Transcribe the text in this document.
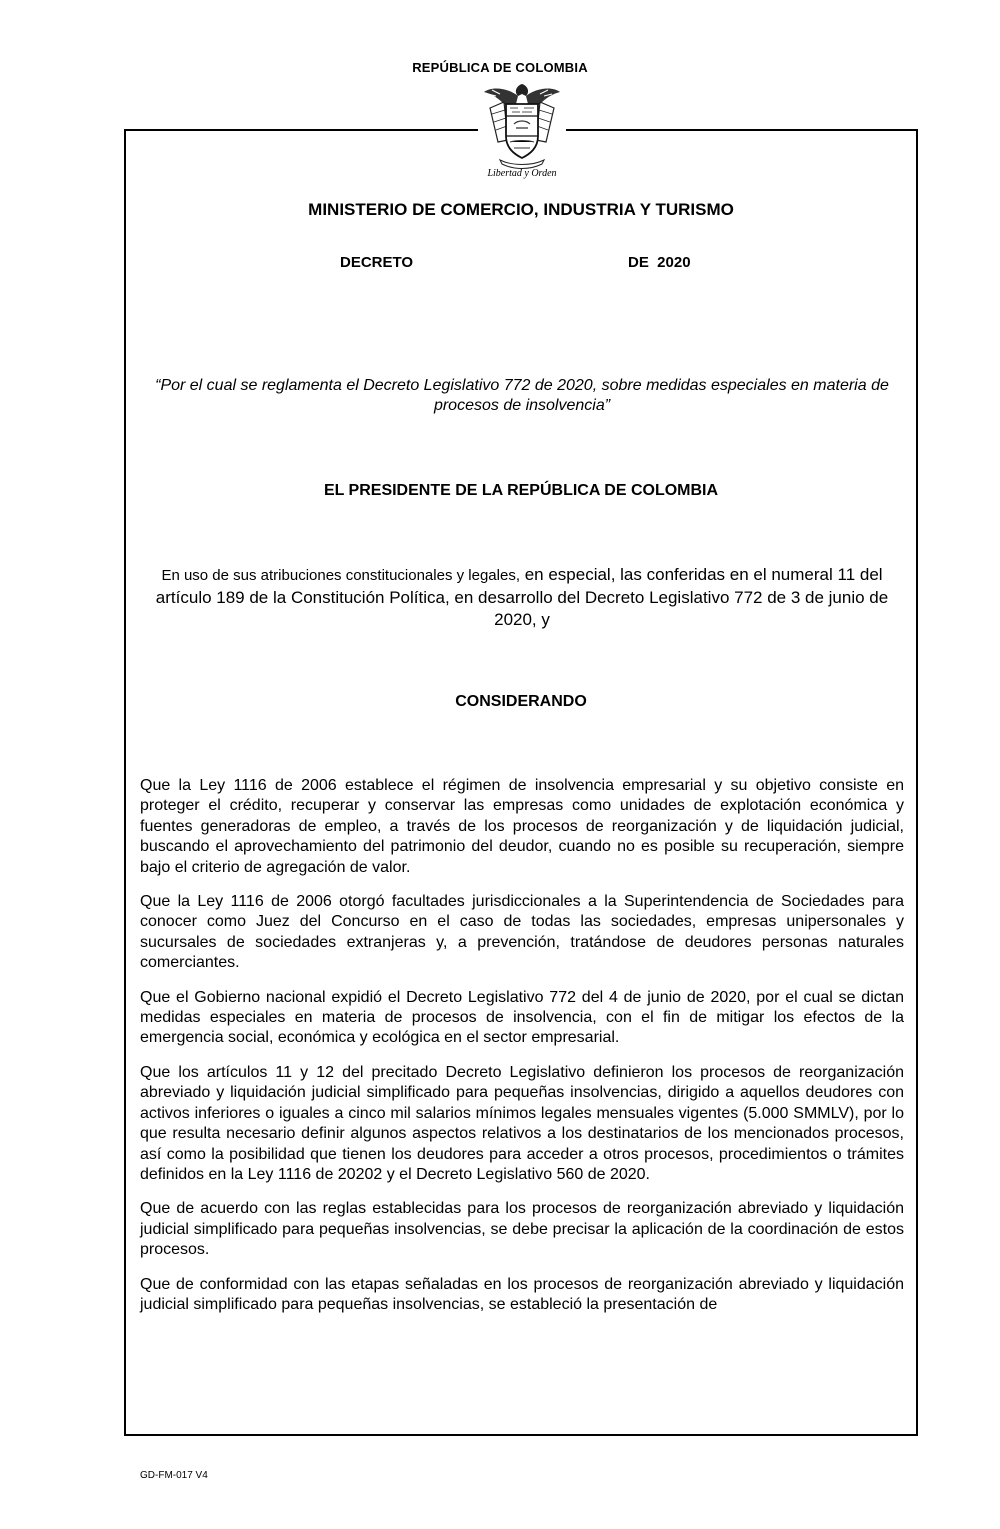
REPÚBLICA DE COLOMBIA
Libertad y Orden
MINISTERIO DE COMERCIO, INDUSTRIA Y TURISMO
DECRETO	DE  2020
“Por el cual se reglamenta el Decreto Legislativo 772 de 2020, sobre medidas especiales en materia de procesos de insolvencia”
EL PRESIDENTE DE LA REPÚBLICA DE COLOMBIA
En uso de sus atribuciones constitucionales y legales, en especial, las conferidas en el numeral 11 del artículo 189 de la Constitución Política, en desarrollo del Decreto Legislativo 772 de 3 de junio de 2020, y
CONSIDERANDO

Que la Ley 1116 de 2006 establece el régimen de insolvencia empresarial y su objetivo consiste en proteger el crédito, recuperar y conservar las empresas como unidades de explotación económica y fuentes generadoras de empleo, a través de los procesos de reorganización y de liquidación judicial, buscando el aprovechamiento del patrimonio del deudor, cuando no es posible su recuperación, siempre bajo el criterio de agregación de valor.

Que la Ley 1116 de 2006 otorgó facultades jurisdiccionales a la Superintendencia de Sociedades para conocer como Juez del Concurso en el caso de todas las sociedades, empresas unipersonales y sucursales de sociedades extranjeras y, a prevención, tratándose de deudores personas naturales comerciantes.

Que el Gobierno nacional expidió el Decreto Legislativo 772 del 4 de junio de 2020, por el cual se dictan medidas especiales en materia de procesos de insolvencia, con el fin de mitigar los efectos de la emergencia social, económica y ecológica en el sector empresarial.

Que los artículos 11 y 12 del precitado Decreto Legislativo definieron los procesos de reorganización abreviado y liquidación judicial simplificado para pequeñas insolvencias, dirigido a aquellos deudores con activos inferiores o iguales a cinco mil salarios mínimos legales mensuales vigentes (5.000 SMMLV), por lo que resulta necesario definir algunos aspectos relativos a los destinatarios de los mencionados procesos, así como la posibilidad que tienen los deudores para acceder a otros procesos, procedimientos o trámites definidos en la Ley 1116 de 20202 y el Decreto Legislativo 560 de 2020.

Que de acuerdo con las reglas establecidas para los procesos de reorganización abreviado y liquidación judicial simplificado para pequeñas insolvencias, se debe precisar la aplicación de la coordinación de estos procesos.

Que de conformidad con las etapas señaladas en los procesos de reorganización abreviado y liquidación judicial simplificado para pequeñas insolvencias, se estableció la presentación de

GD-FM-017 V4
